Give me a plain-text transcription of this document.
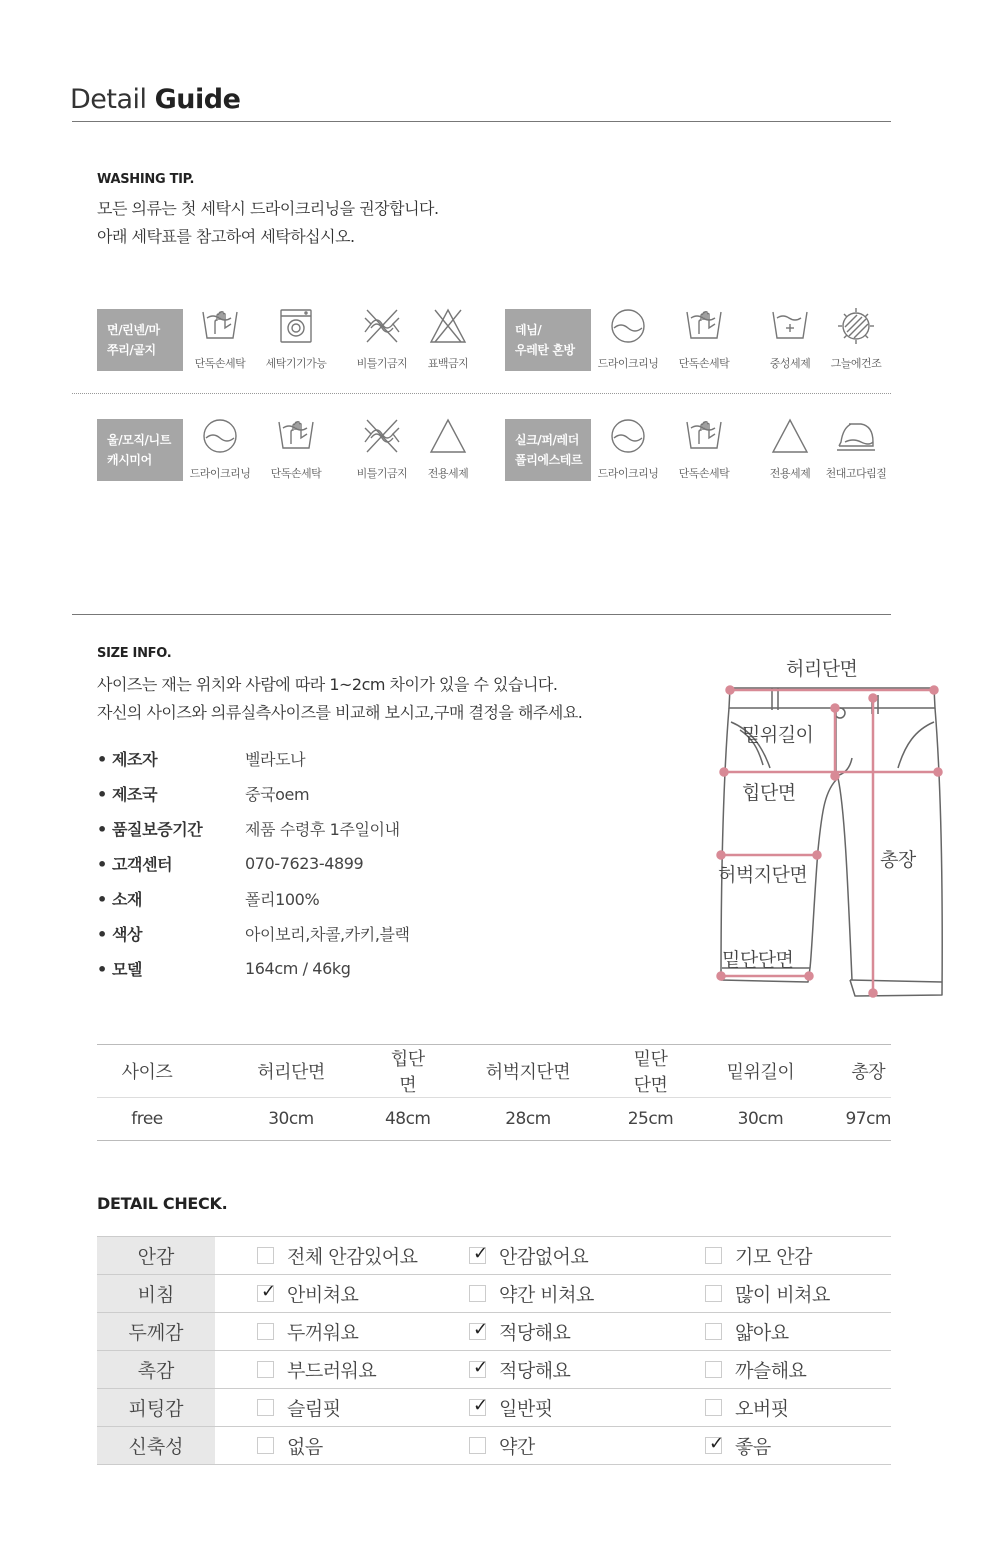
Detail Guide
WASHING TIP.
모든 의류는 첫 세탁시 드라이크리닝을 권장합니다.
아래 세탁표를 참고하여 세탁하십시오.
면/린넨/마
쭈리/골지
단독손세탁	세탁기기가능	비틀기금지	표백금지
데님/
우레탄 혼방
드라이크리닝	단독손세탁	중성세제	그늘에건조
울/모직/니트
캐시미어
드라이크리닝	단독손세탁	비틀기금지	전용세제
실크/퍼/레더
폴리에스테르
드라이크리닝	단독손세탁	전용세제	천대고다림질
SIZE INFO.
사이즈는 재는 위치와 사람에 따라 1~2cm 차이가 있을 수 있습니다.
자신의 사이즈와 의류실측사이즈를 비교해 보시고,구매 결정을 해주세요.
• 제조자	벨라도나
• 제조국	중국oem
• 품질보증기간	제품 수령후 1주일이내
• 고객센터	070-7623-4899
• 소재	폴리100%
• 색상	아이보리,차콜,카키,블랙
• 모델	164cm / 46kg
허리단면
밑위길이
힙단면
허벅지단면
밑단단면
총장
사이즈	허리단면	힙단면	허벅지단면	밑단단면	밑위길이	총장
free	30cm	48cm	28cm	25cm	30cm	97cm
DETAIL CHECK.
안감	전체 안감있어요	✓ 안감없어요	기모 안감
비침	✓ 안비쳐요	약간 비쳐요	많이 비쳐요
두께감	두꺼워요	✓ 적당해요	얇아요
촉감	부드러워요	✓ 적당해요	까슬해요
피팅감	슬림핏	✓ 일반핏	오버핏
신축성	없음	약간	✓ 좋음
